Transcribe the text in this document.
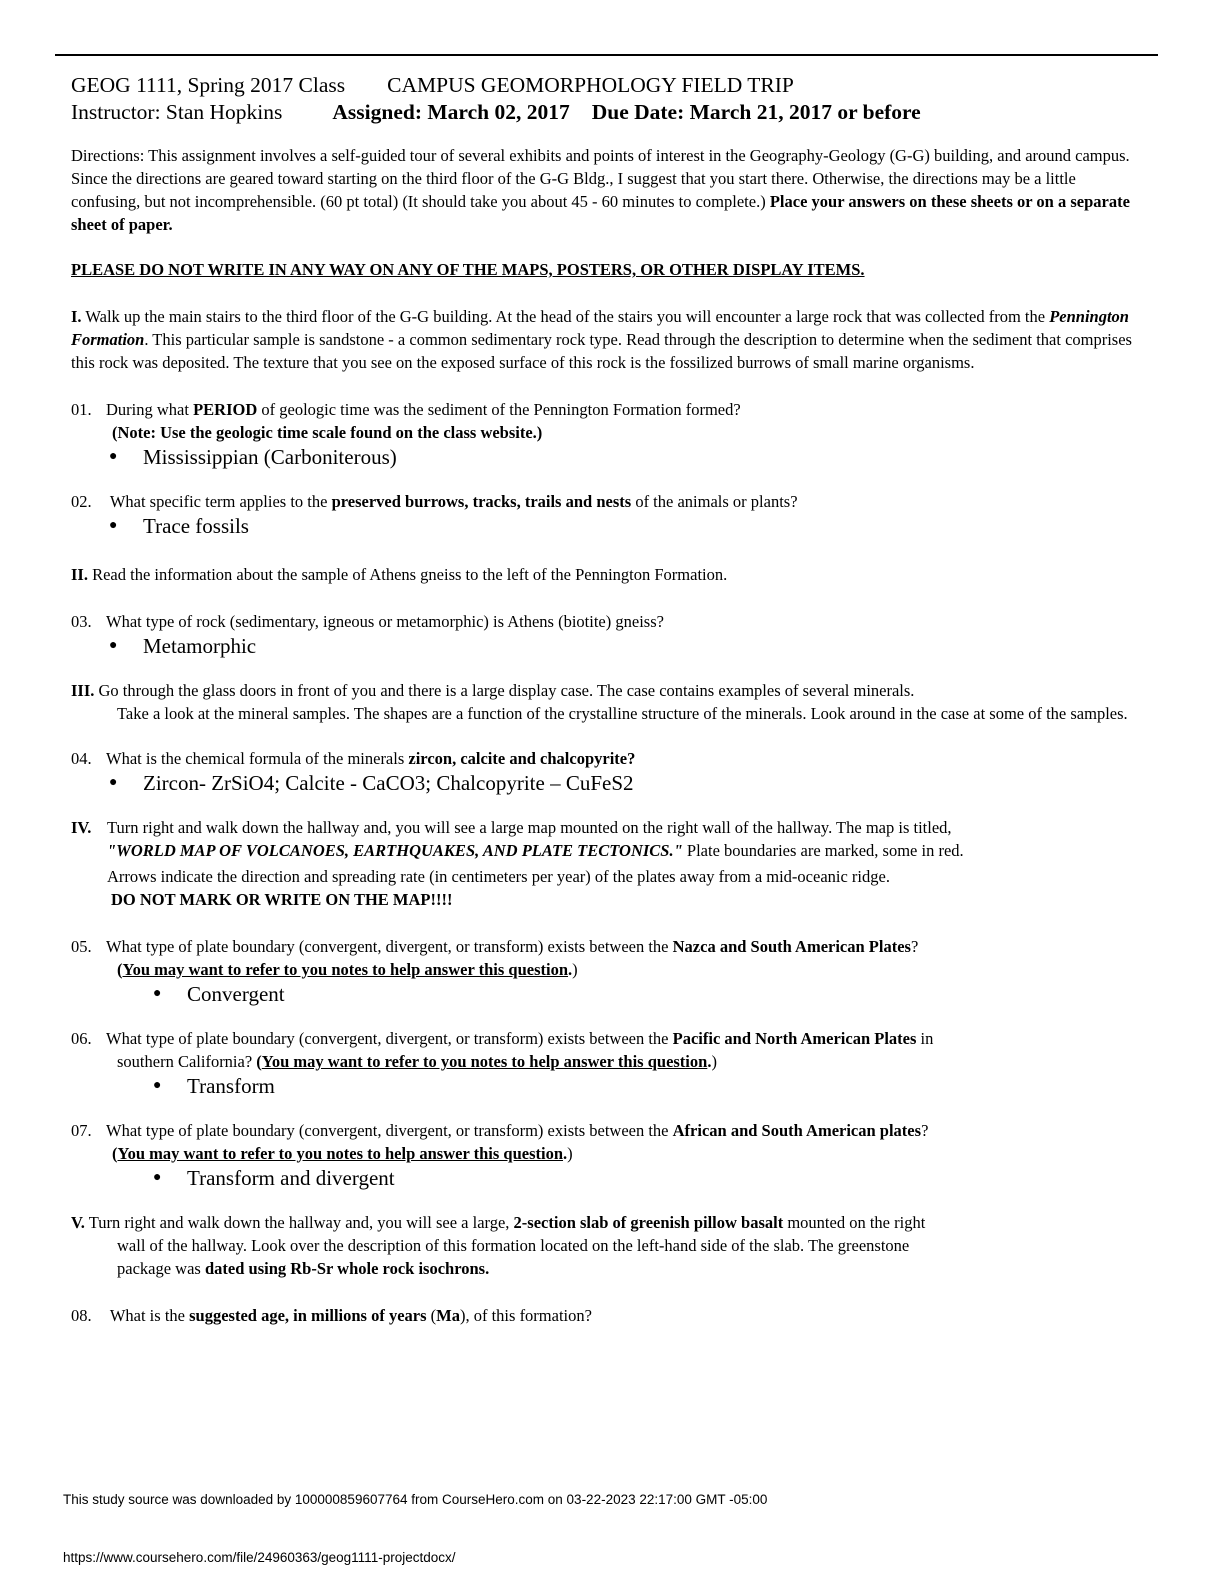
GEOG 1111, Spring 2017 Class CAMPUS GEOMORPHOLOGY FIELD TRIP
Instructor: Stan Hopkins Assigned: March 02, 2017 Due Date: March 21, 2017 or before

Directions: This assignment involves a self-guided tour of several exhibits and points of interest in the Geography-Geology (G-G) building, and around campus. Since the directions are geared toward starting on the third floor of the G-G Bldg., I suggest that you start there. Otherwise, the directions may be a little confusing, but not incomprehensible. (60 pt total) (It should take you about 45 - 60 minutes to complete.) Place your answers on these sheets or on a separate sheet of paper.

PLEASE DO NOT WRITE IN ANY WAY ON ANY OF THE MAPS, POSTERS, OR OTHER DISPLAY ITEMS.

I. Walk up the main stairs to the third floor of the G-G building. At the head of the stairs you will encounter a large rock that was collected from the Pennington Formation. This particular sample is sandstone - a common sedimentary rock type. Read through the description to determine when the sediment that comprises this rock was deposited. The texture that you see on the exposed surface of this rock is the fossilized burrows of small marine organisms.

01. During what PERIOD of geologic time was the sediment of the Pennington Formation formed?
(Note: Use the geologic time scale found on the class website.)
● Mississippian (Carboniterous)
02. What specific term applies to the preserved burrows, tracks, trails and nests of the animals or plants?
● Trace fossils

II. Read the information about the sample of Athens gneiss to the left of the Pennington Formation.

03. What type of rock (sedimentary, igneous or metamorphic) is Athens (biotite) gneiss?
● Metamorphic
III. Go through the glass doors in front of you and there is a large display case. The case contains examples of several minerals.
Take a look at the mineral samples. The shapes are a function of the crystalline structure of the minerals. Look around in the case at some of the samples.
04. What is the chemical formula of the minerals zircon, calcite and chalcopyrite?
● Zircon- ZrSiO4; Calcite - CaCO3; Chalcopyrite – CuFeS2
IV. Turn right and walk down the hallway and, you will see a large map mounted on the right wall of the hallway. The map is titled,
"WORLD MAP OF VOLCANOES, EARTHQUAKES, AND PLATE TECTONICS." Plate boundaries are marked, some in red.
Arrows indicate the direction and spreading rate (in centimeters per year) of the plates away from a mid-oceanic ridge.
DO NOT MARK OR WRITE ON THE MAP!!!!
05. What type of plate boundary (convergent, divergent, or transform) exists between the Nazca and South American Plates?
(You may want to refer to you notes to help answer this question.)
● Convergent
06. What type of plate boundary (convergent, divergent, or transform) exists between the Pacific and North American Plates in
southern California? (You may want to refer to you notes to help answer this question.)
● Transform
07. What type of plate boundary (convergent, divergent, or transform) exists between the African and South American plates?
(You may want to refer to you notes to help answer this question.)
● Transform and divergent
V. Turn right and walk down the hallway and, you will see a large, 2-section slab of greenish pillow basalt mounted on the right
wall of the hallway. Look over the description of this formation located on the left-hand side of the slab. The greenstone
package was dated using Rb-Sr whole rock isochrons.
08. What is the suggested age, in millions of years (Ma), of this formation?
This study source was downloaded by 100000859607764 from CourseHero.com on 03-22-2023 22:17:00 GMT -05:00
https://www.coursehero.com/file/24960363/geog1111-projectdocx/
